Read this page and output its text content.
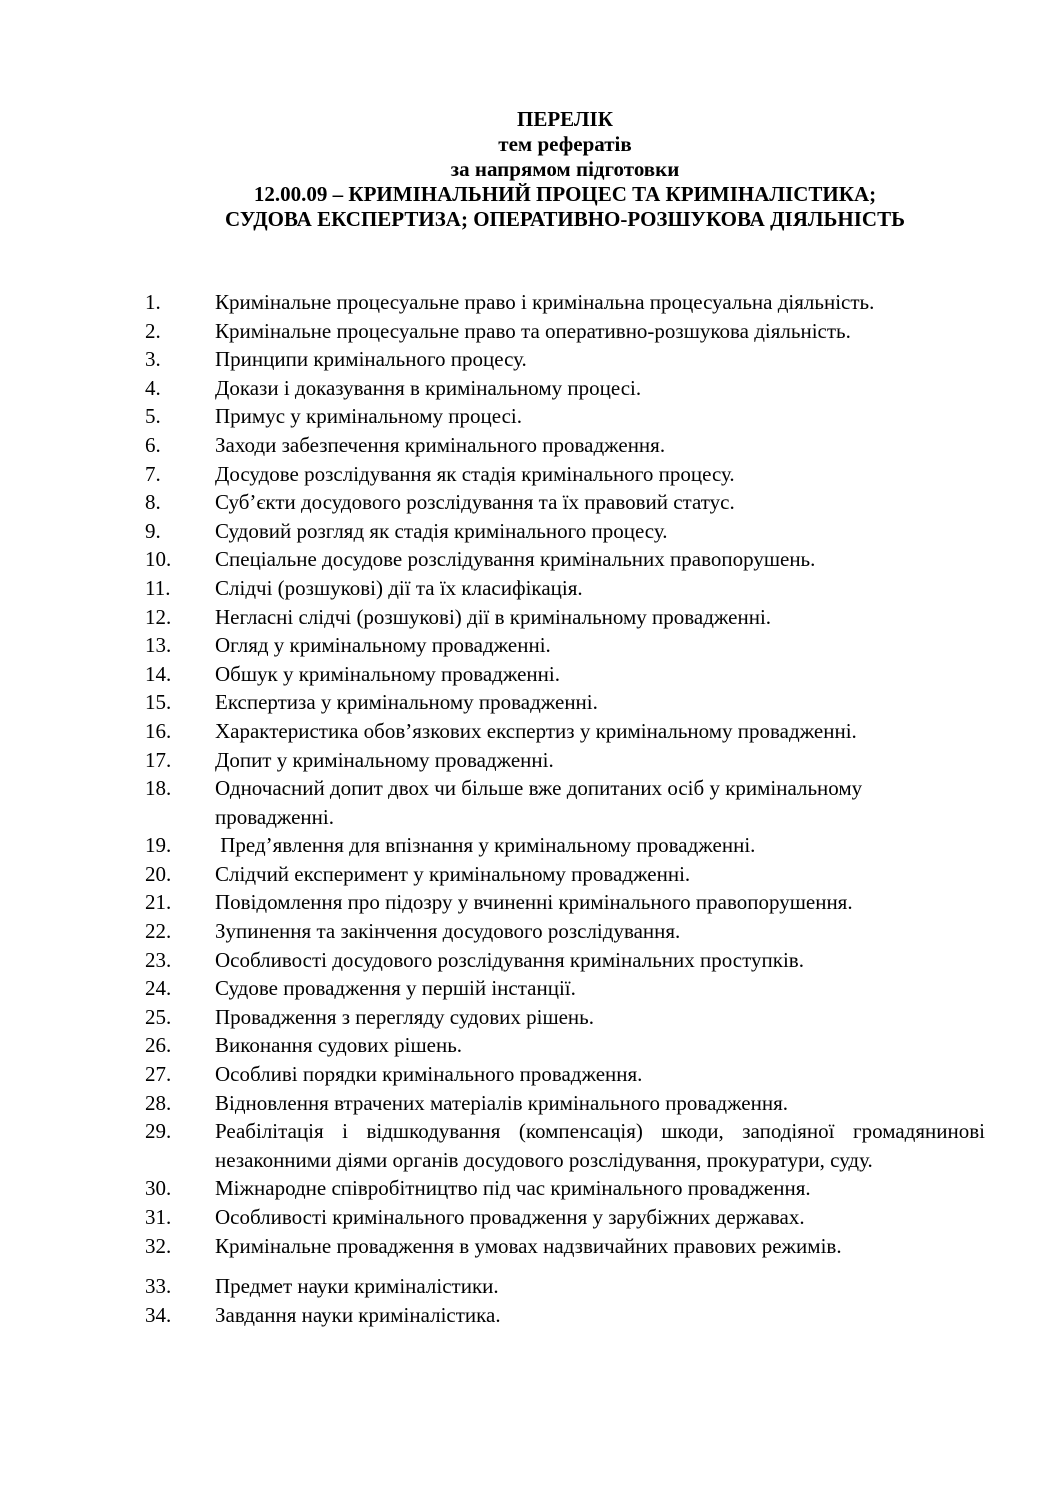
ПЕРЕЛІК
тем рефератів
за напрямом підготовки
12.00.09 – КРИМІНАЛЬНИЙ ПРОЦЕС ТА КРИМІНАЛІСТИКА;
СУДОВА ЕКСПЕРТИЗА; ОПЕРАТИВНО-РОЗШУКОВА ДІЯЛЬНІСТЬ
1.	Кримінальне процесуальне право і кримінальна процесуальна діяльність.
2.	Кримінальне процесуальне право та оперативно-розшукова діяльність.
3.	Принципи кримінального процесу.
4.	Докази і доказування в кримінальному процесі.
5.	Примус у кримінальному процесі.
6.	Заходи забезпечення кримінального провадження.
7.	Досудове розслідування як стадія кримінального процесу.
8.	Суб’єкти досудового розслідування та їх правовий статус.
9.	Судовий розгляд як стадія кримінального процесу.
10.	Спеціальне досудове розслідування кримінальних правопорушень.
11.	Слідчі (розшукові) дії та їх класифікація.
12.	Негласні слідчі (розшукові) дії в кримінальному провадженні.
13.	Огляд у кримінальному провадженні.
14.	Обшук у кримінальному провадженні.
15.	Експертиза у кримінальному провадженні.
16.	Характеристика обов’язкових експертиз у кримінальному провадженні.
17.	Допит у кримінальному провадженні.
18.	Одночасний допит двох чи більше вже допитаних осіб у кримінальному провадженні.
19.	Пред’явлення для впізнання у кримінальному провадженні.
20.	Слідчий експеримент у кримінальному провадженні.
21.	Повідомлення про підозру у вчиненні кримінального правопорушення.
22.	Зупинення та закінчення досудового розслідування.
23.	Особливості досудового розслідування кримінальних проступків.
24.	Судове провадження у першій інстанції.
25.	Провадження з перегляду судових рішень.
26.	Виконання судових рішень.
27.	Особливі порядки кримінального провадження.
28.	Відновлення втрачених матеріалів кримінального провадження.
29.	Реабілітація і відшкодування (компенсація) шкоди, заподіяної громадянинові незаконними діями органів досудового розслідування, прокуратури, суду.
30.	Міжнародне співробітництво під час кримінального провадження.
31.	Особливості кримінального провадження у зарубіжних державах.
32.	Кримінальне провадження в умовах надзвичайних правових режимів.
33.	Предмет науки криміналістики.
34.	Завдання науки криміналістика.
